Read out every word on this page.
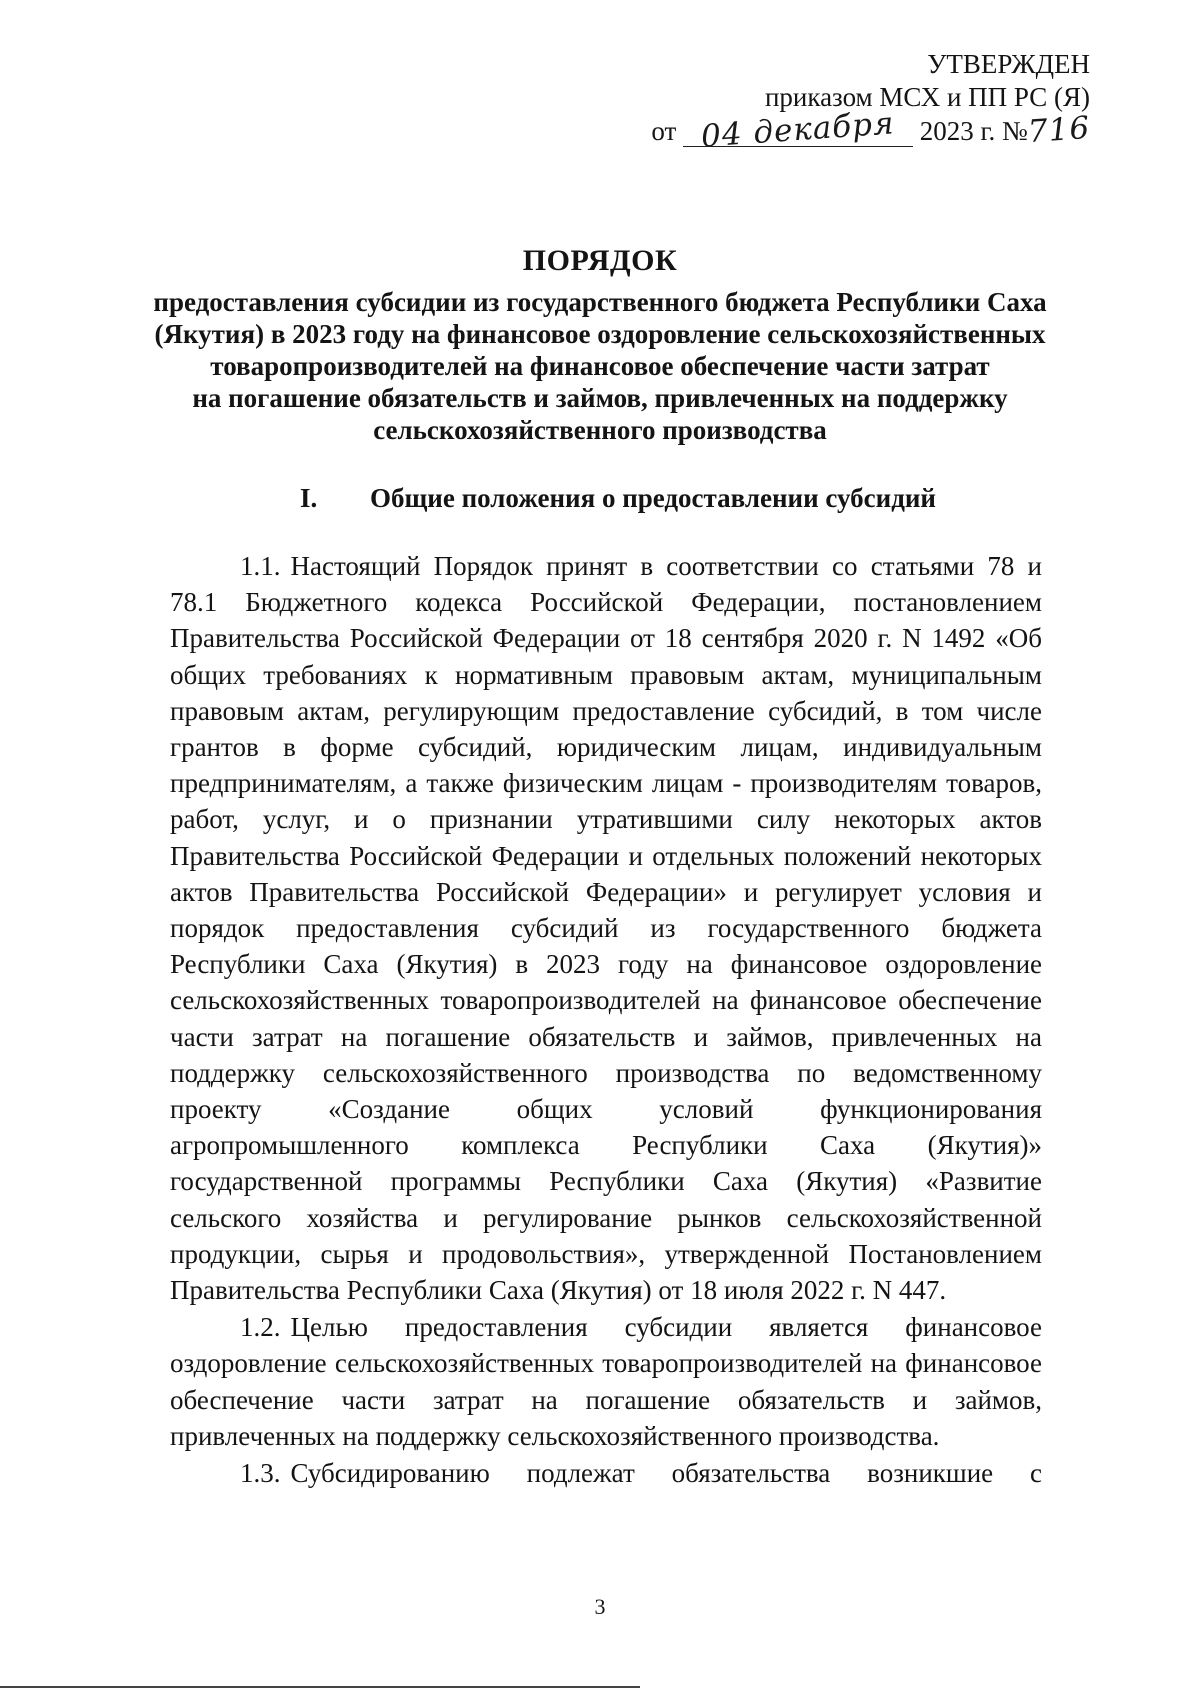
УТВЕРЖДЕН
приказом МСХ и ПП РС (Я)
от 04 декабря 2023 г. №716
ПОРЯДОК
предоставления субсидии из государственного бюджета Республики Саха
(Якутия) в 2023 году на финансовое оздоровление сельскохозяйственных
товаропроизводителей на финансовое обеспечение части затрат
на погашение обязательств и займов, привлеченных на поддержку
сельскохозяйственного производства
I. Общие положения о предоставлении субсидий

1.1. Настоящий Порядок принят в соответствии со статьями 78 и 78.1 Бюджетного кодекса Российской Федерации, постановлением Правительства Российской Федерации от 18 сентября 2020 г. N 1492 «Об общих требованиях к нормативным правовым актам, муниципальным правовым актам, регулирующим предоставление субсидий, в том числе грантов в форме субсидий, юридическим лицам, индивидуальным предпринимателям, а также физическим лицам - производителям товаров, работ, услуг, и о признании утратившими силу некоторых актов Правительства Российской Федерации и отдельных положений некоторых актов Правительства Российской Федерации» и регулирует условия и порядок предоставления субсидий из государственного бюджета Республики Саха (Якутия) в 2023 году на финансовое оздоровление сельскохозяйственных товаропроизводителей на финансовое обеспечение части затрат на погашение обязательств и займов, привлеченных на поддержку сельскохозяйственного производства по ведомственному проекту «Создание общих условий функционирования агропромышленного комплекса Республики Саха (Якутия)» государственной программы Республики Саха (Якутия) «Развитие сельского хозяйства и регулирование рынков сельскохозяйственной продукции, сырья и продовольствия», утвержденной Постановлением Правительства Республики Саха (Якутия) от 18 июля 2022 г. N 447.

1.2. Целью предоставления субсидии является финансовое оздоровление сельскохозяйственных товаропроизводителей на финансовое обеспечение части затрат на погашение обязательств и займов, привлеченных на поддержку сельскохозяйственного производства.

1.3. Субсидированию подлежат обязательства возникшие с

3
